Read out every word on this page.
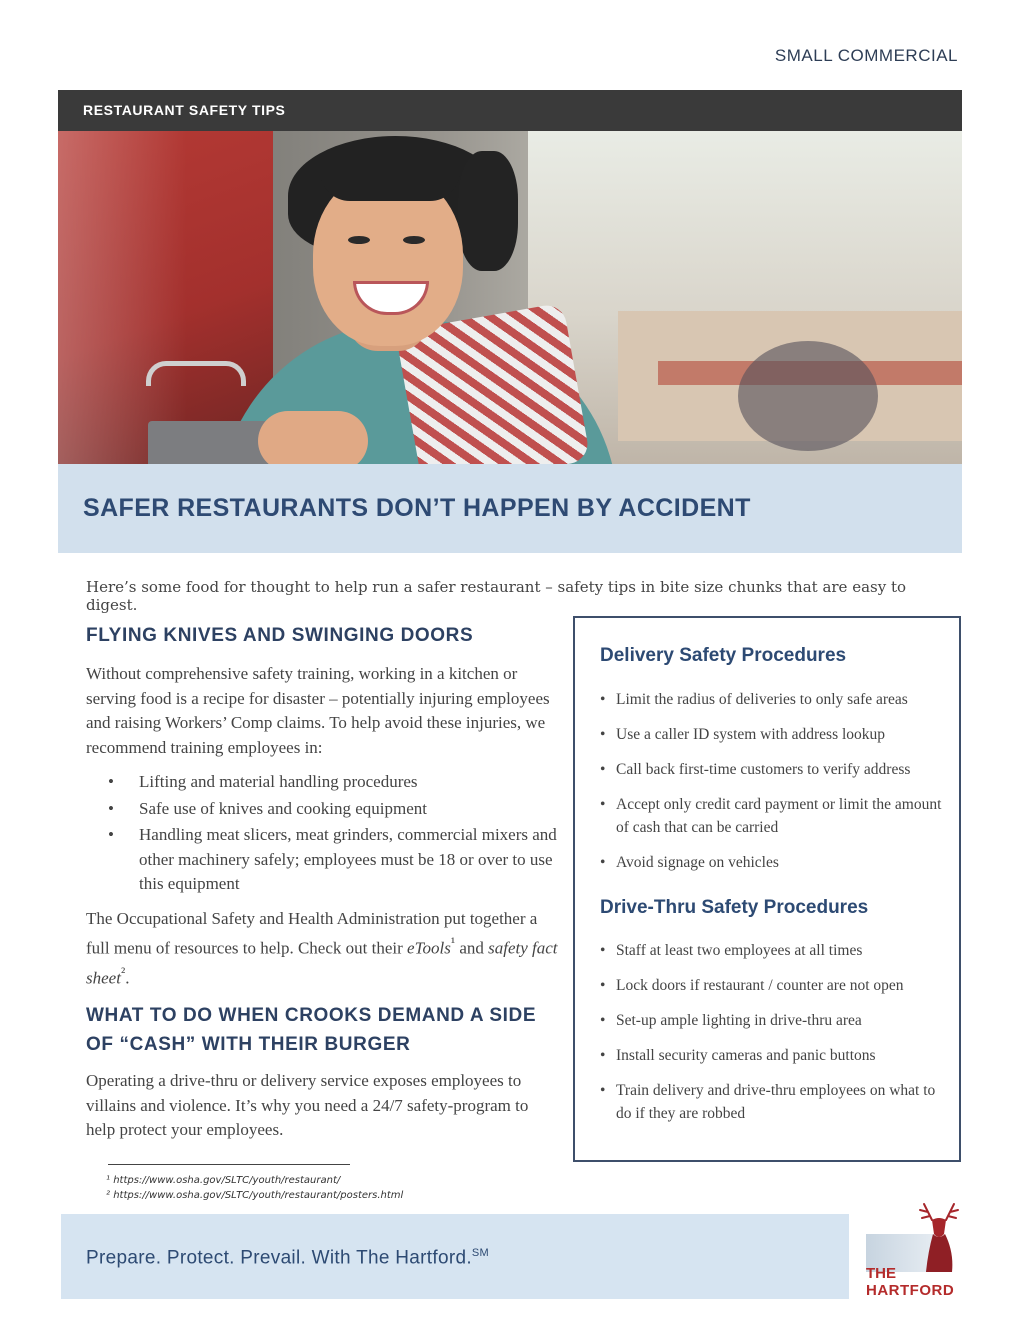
SMALL COMMERCIAL
RESTAURANT SAFETY TIPS
SAFER RESTAURANTS DON’T HAPPEN BY ACCIDENT
Here’s some food for thought to help run a safer restaurant – safety tips in bite size chunks that are easy to digest.
FLYING KNIVES AND SWINGING DOORS

Without comprehensive safety training, working in a kitchen or serving food is a recipe for disaster – potentially injuring employees and raising Workers’ Comp claims. To help avoid these injuries, we recommend training employees in:

• Lifting and material handling procedures
• Safe use of knives and cooking equipment
• Handling meat slicers, meat grinders, commercial mixers and other machinery safely; employees must be 18 or over to use this equipment

The Occupational Safety and Health Administration put together a full menu of resources to help. Check out their eTools$^{^1}$ and safety fact sheet$^{^2}$.

WHAT TO DO WHEN CROOKS DEMAND A SIDE OF “CASH” WITH THEIR BURGER

Operating a drive-thru or delivery service exposes employees to villains and violence. It’s why you need a 24/7 safety-program to help protect your employees.

Delivery Safety Procedures
• Limit the radius of deliveries to only safe areas
• Use a caller ID system with address lookup
• Call back first-time customers to verify address
• Accept only credit card payment or limit the amount of cash that can be carried
• Avoid signage on vehicles
Drive-Thru Safety Procedures
• Staff at least two employees at all times
• Lock doors if restaurant / counter are not open
• Set-up ample lighting in drive-thru area
• Install security cameras and panic buttons
• Train delivery and drive-thru employees on what to do if they are robbed
¹ https://www.osha.gov/SLTC/youth/restaurant/
² https://www.osha.gov/SLTC/youth/restaurant/posters.html
Prepare. Protect. Prevail. With The Hartford.℠
THE
HARTFORD
